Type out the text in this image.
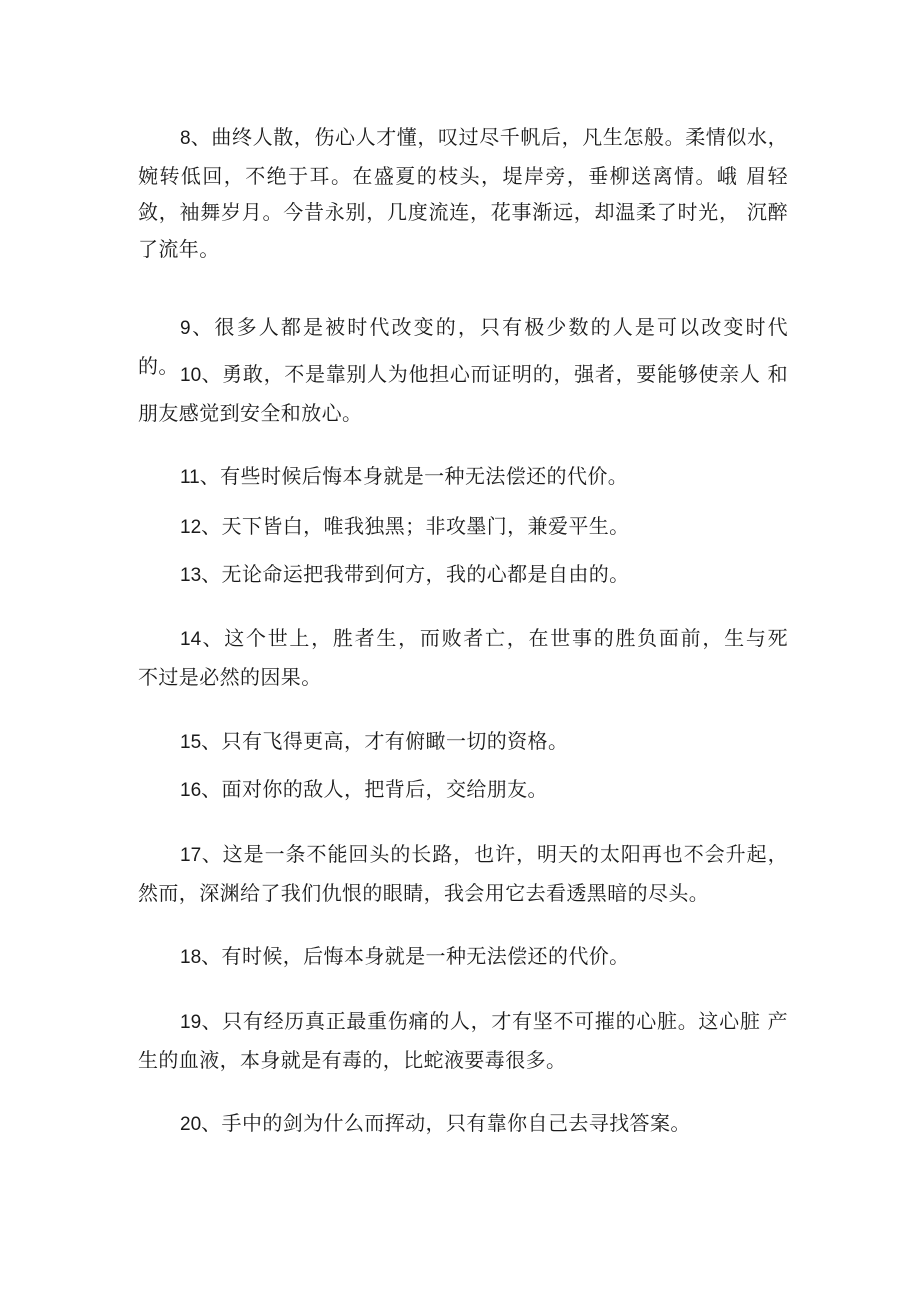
8、曲终人散，伤心人才懂，叹过尽千帆后，凡生怎般。柔情似水，婉转低回，不绝于耳。在盛夏的枝头，堤岸旁，垂柳送离情。峨 眉轻敛，袖舞岁月。今昔永别，几度流连，花事渐远，却温柔了时光， 沉醉了流年。

9、很多人都是被时代改变的，只有极少数的人是可以改变时代 的。 10、勇敢，不是靠别人为他担心而证明的，强者，要能够使亲人 和朋友感觉到安全和放心。

11、有些时候后悔本身就是一种无法偿还的代价。

12、天下皆白，唯我独黑；非攻墨门，兼爱平生。

13、无论命运把我带到何方，我的心都是自由的。

14、这个世上，胜者生，而败者亡，在世事的胜负面前，生与死　 不过是必然的因果。

15、只有飞得更高，才有俯瞰一切的资格。

16、面对你的敌人，把背后，交给朋友。

17、这是一条不能回头的长路，也许，明天的太阳再也不会升起，然而，深渊给了我们仇恨的眼睛，我会用它去看透黑暗的尽头。

18、有时候，后悔本身就是一种无法偿还的代价。

19、只有经历真正最重伤痛的人，才有坚不可摧的心脏。这心脏 产生的血液，本身就是有毒的，比蛇液要毒很多。

20、手中的剑为什么而挥动，只有靠你自己去寻找答案。
